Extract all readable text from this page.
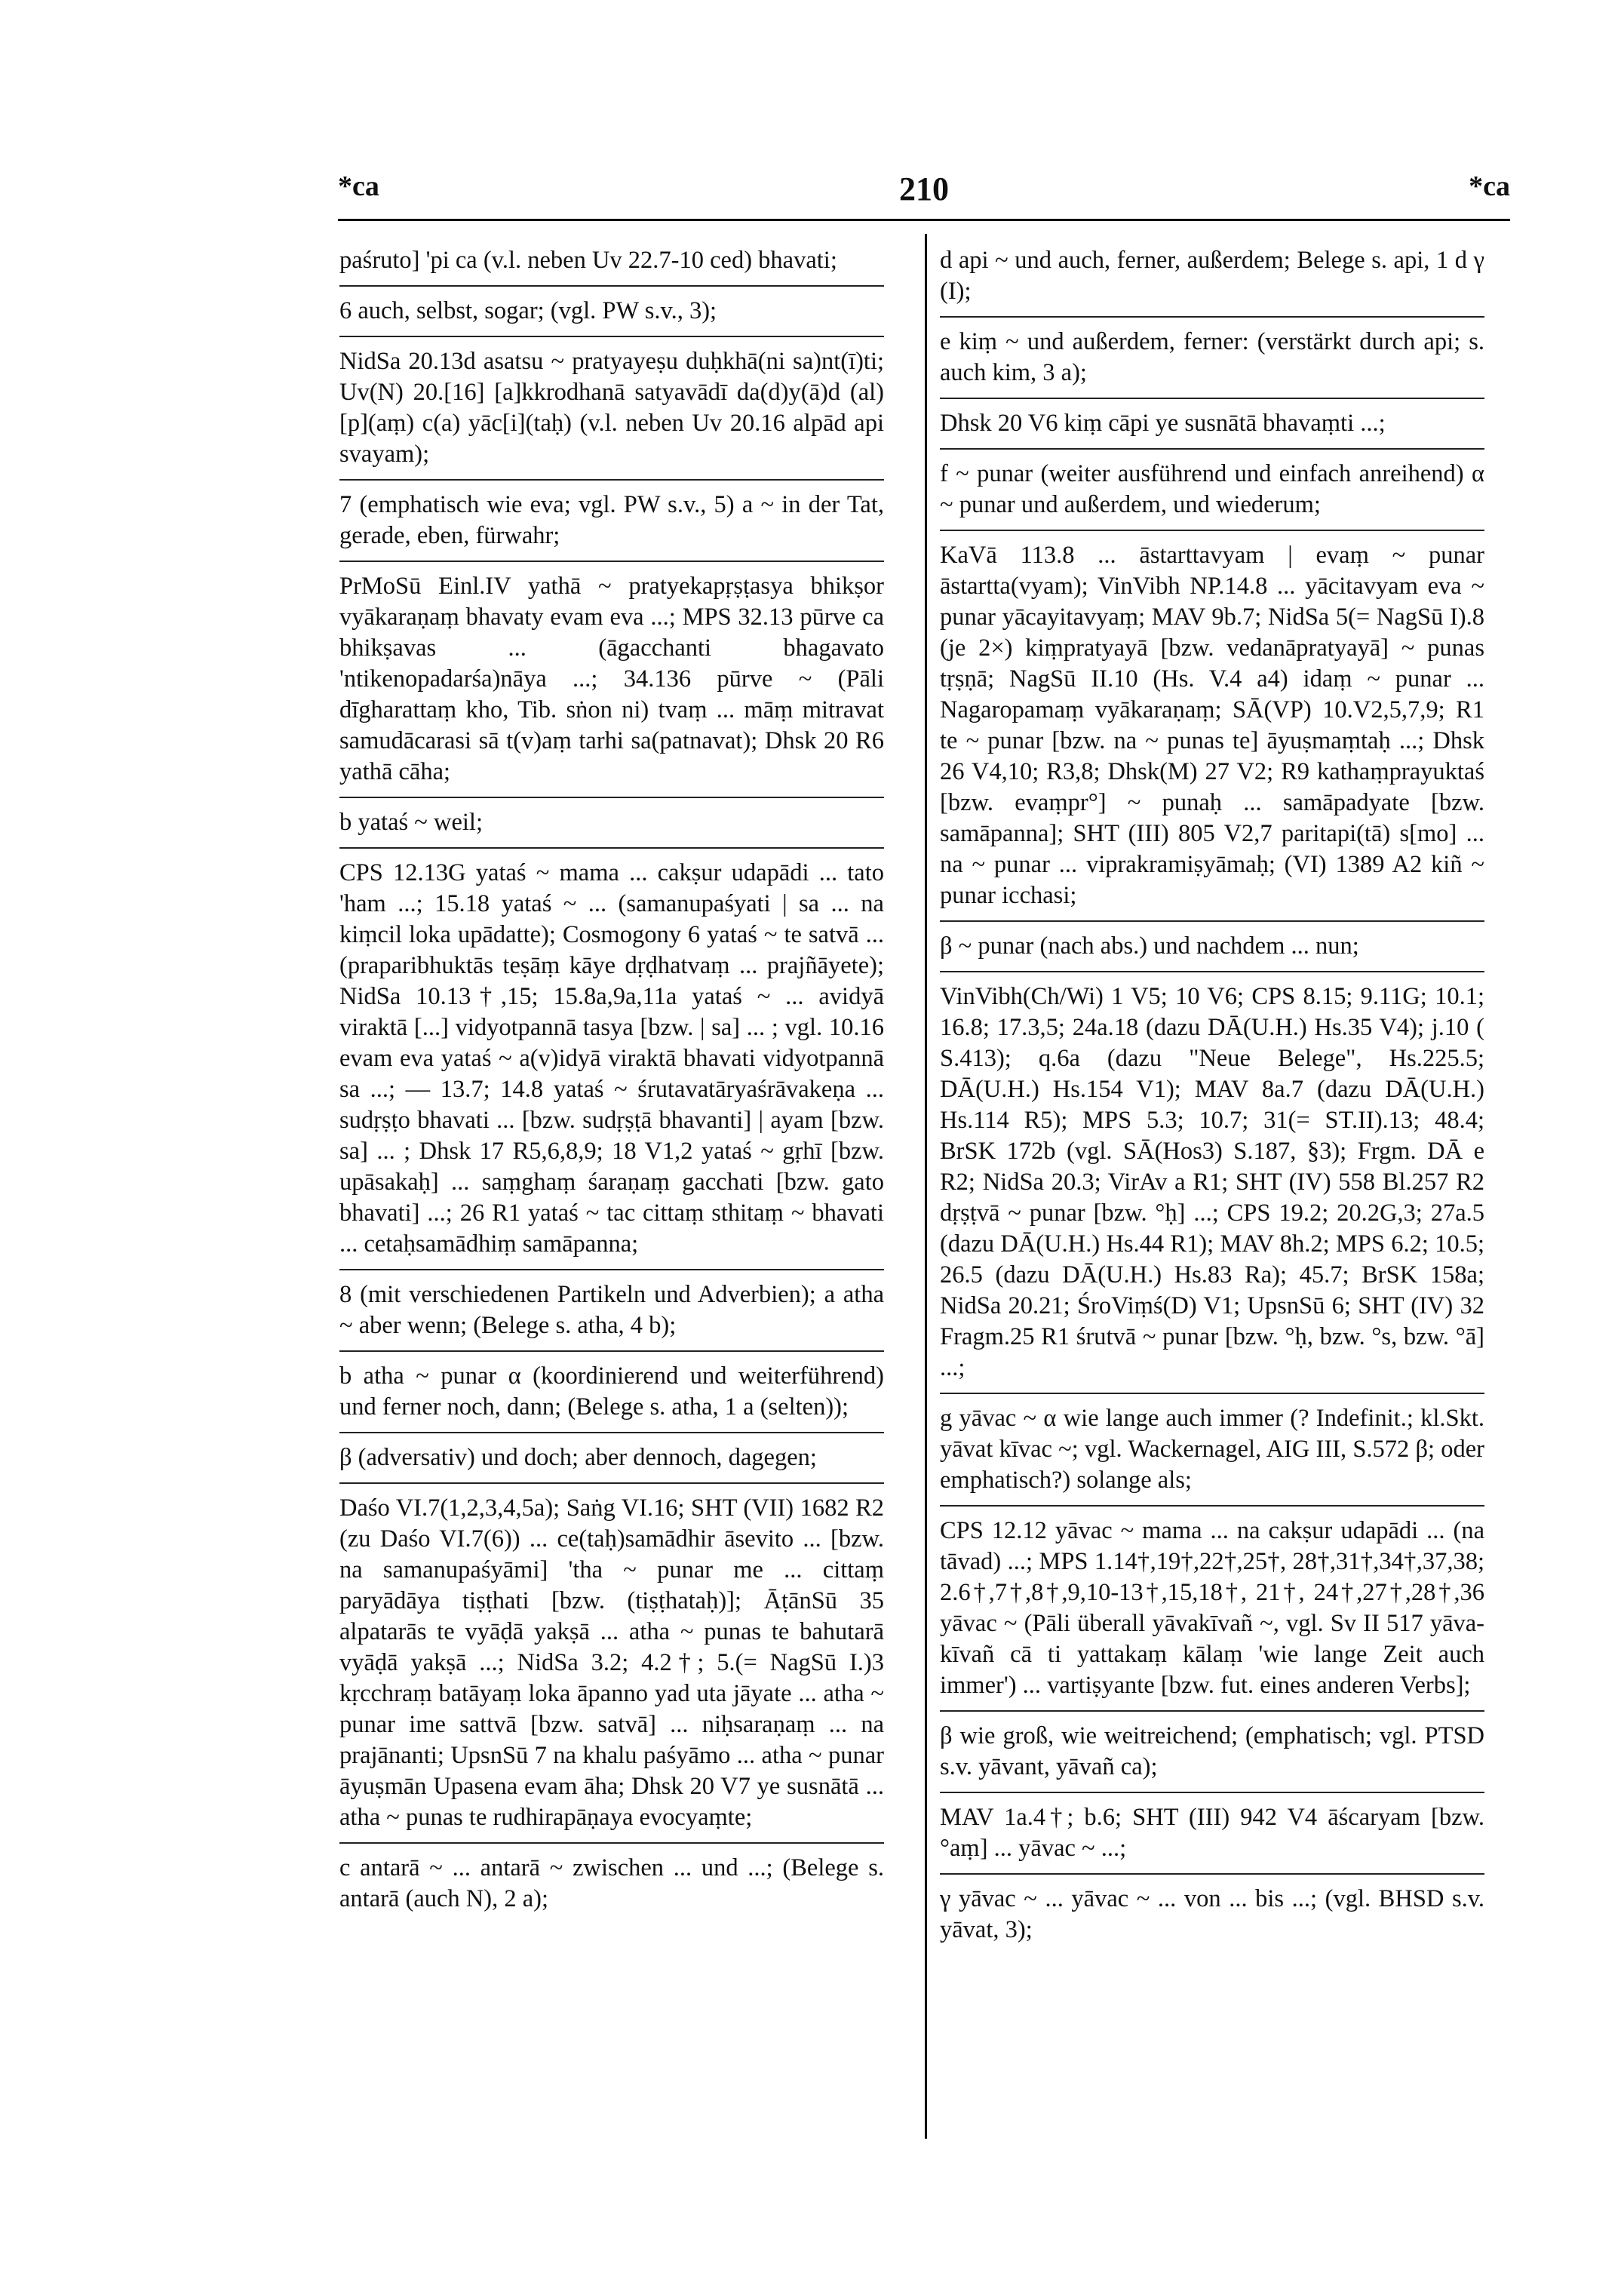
*ca	210	*ca

paśruto] 'pi ca (v.l. neben Uv 22.7-10 ced) bhavati;

6 auch, selbst, sogar; (vgl. PW s.v., 3);

NidSa 20.13d asatsu ~ pratyayeṣu duḥkhā(ni sa)nt(ī)ti; Uv(N) 20.[16] [a]kkrodhanā satyavādī da(d)y(ā)d (al)[p](aṃ) c(a) yāc[i](taḥ) (v.l. neben Uv 20.16 alpād api svayam);

7 (emphatisch wie eva; vgl. PW s.v., 5) a ~ in der Tat, gerade, eben, fürwahr;

PrMoSū Einl.IV yathā ~ pratyekapṛṣṭasya bhikṣor vyākaraṇaṃ bhavaty evam eva ...; MPS 32.13 pūrve ca bhikṣavas ... (āgacchanti bhagavato 'ntikenopadarśa)nāya ...; 34.136 pūrve ~ (Pāli dīgharattaṃ kho, Tib. sṅon ni) tvaṃ ... māṃ mitravat samudācarasi sā t(v)aṃ tarhi sa(patnavat); Dhsk 20 R6 yathā cāha;

b yataś ~ weil;

CPS 12.13G yataś ~ mama ... cakṣur udapādi ... tato 'ham ...; 15.18 yataś ~ ... (samanupaśyati | sa ... na kiṃcil loka upādatte); Cosmogony 6 yataś ~ te satvā ... (praparibhuktās teṣāṃ kāye dṛḍhatvaṃ ... prajñāyete); NidSa 10.13†,15; 15.8a,9a,11a yataś ~ ... avidyā viraktā [...] vidyotpannā tasya [bzw. | sa] ... ; vgl. 10.16 evam eva yataś ~ a(v)idyā viraktā bhavati vidyotpannā sa ...; — 13.7; 14.8 yataś ~ śrutavatāryaśrāvakeṇa ... sudṛṣṭo bhavati ... [bzw. sudṛṣṭā bhavanti] | ayam [bzw. sa] ... ; Dhsk 17 R5,6,8,9; 18 V1,2 yataś ~ gṛhī [bzw. upāsakaḥ] ... saṃghaṃ śaraṇaṃ gacchati [bzw. gato bhavati] ...; 26 R1 yataś ~ tac cittaṃ sthitaṃ ~ bhavati ... cetaḥsamādhiṃ samāpanna;

8 (mit verschiedenen Partikeln und Adverbien); a atha ~ aber wenn; (Belege s. atha, 4 b);

b atha ~ punar α (koordinierend und weiterführend) und ferner noch, dann; (Belege s. atha, 1 a (selten));

β (adversativ) und doch; aber dennoch, dagegen;

Daśo VI.7(1,2,3,4,5a); Saṅg VI.16; SHT (VII) 1682 R2 (zu Daśo VI.7(6)) ... ce(taḥ)samādhir āsevito ... [bzw. na samanupaśyāmi] 'tha ~ punar me ... cittaṃ paryādāya tiṣṭhati [bzw. (tiṣṭhataḥ)]; ĀṭānSū 35 alpatarās te vyāḍā yakṣā ... atha ~ punas te bahutarā vyāḍā yakṣā ...; NidSa 3.2; 4.2†; 5.(= NagSū I.)3 kṛcchraṃ batāyaṃ loka āpanno yad uta jāyate ... atha ~ punar ime sattvā [bzw. satvā] ... niḥsaraṇaṃ ... na prajānanti; UpsnSū 7 na khalu paśyāmo ... atha ~ punar āyuṣmān Upasena evam āha; Dhsk 20 V7 ye susnātā ... atha ~ punas te rudhirapāṇaya evocyaṃte;

c antarā ~ ... antarā ~ zwischen ... und ...; (Belege s. antarā (auch N), 2 a);

d api ~ und auch, ferner, außerdem; Belege s. api, 1 d γ (I);

e kiṃ ~ und außerdem, ferner: (verstärkt durch api; s. auch kim, 3 a);

Dhsk 20 V6 kiṃ cāpi ye susnātā bhavaṃti ...;

f ~ punar (weiter ausführend und einfach anreihend) α ~ punar und außerdem, und wiederum;

KaVā 113.8 ... āstarttavyam | evaṃ ~ punar āstartta(vyam); VinVibh NP.14.8 ... yācitavyam eva ~ punar yācayitavyaṃ; MAV 9b.7; NidSa 5(= NagSū I).8 (je 2×) kiṃpratyayā [bzw. vedanāpratyayā] ~ punas tṛṣṇā; NagSū II.10 (Hs. V.4 a4) idaṃ ~ punar ... Nagaropamaṃ vyākaraṇaṃ; SĀ(VP) 10.V2,5,7,9; R1 te ~ punar [bzw. na ~ punas te] āyuṣmaṃtaḥ ...; Dhsk 26 V4,10; R3,8; Dhsk(M) 27 V2; R9 kathaṃprayuktaś [bzw. evaṃpr°] ~ punaḥ ... samāpadyate [bzw. samāpanna]; SHT (III) 805 V2,7 paritapi(tā) s[mo] ... na ~ punar ... viprakramiṣyāmaḥ; (VI) 1389 A2 kiñ ~ punar icchasi;

β ~ punar (nach abs.) und nachdem ... nun;

VinVibh(Ch/Wi) 1 V5; 10 V6; CPS 8.15; 9.11G; 10.1; 16.8; 17.3,5; 24a.18 (dazu DĀ(U.H.) Hs.35 V4); j.10 ( S.413); q.6a (dazu "Neue Belege", Hs.225.5; DĀ(U.H.) Hs.154 V1); MAV 8a.7 (dazu DĀ(U.H.) Hs.114 R5); MPS 5.3; 10.7; 31(= ST.II).13; 48.4; BrSK 172b (vgl. SĀ(Hos3) S.187, §3); Frgm. DĀ e R2; NidSa 20.3; VirAv a R1; SHT (IV) 558 Bl.257 R2 dṛṣṭvā ~ punar [bzw. °ḥ] ...; CPS 19.2; 20.2G,3; 27a.5 (dazu DĀ(U.H.) Hs.44 R1); MAV 8h.2; MPS 6.2; 10.5; 26.5 (dazu DĀ(U.H.) Hs.83 Ra); 45.7; BrSK 158a; NidSa 20.21; ŚroViṃś(D) V1; UpsnSū 6; SHT (IV) 32 Fragm.25 R1 śrutvā ~ punar [bzw. °ḥ, bzw. °s, bzw. °ā] ...;

g yāvac ~ α wie lange auch immer (? Indefinit.; kl.Skt. yāvat kīvac ~; vgl. Wackernagel, AIG III, S.572 β; oder emphatisch?) solange als;

CPS 12.12 yāvac ~ mama ... na cakṣur udapādi ... (na tāvad) ...; MPS 1.14†,19†,22†,25†, 28†,31†,34†,37,38; 2.6†,7†,8†,9,10-13†,15,18†, 21†, 24†,27†,28†,36 yāvac ~ (Pāli überall yāvakīvañ ~, vgl. Sv II 517 yāva-kīvañ cā ti yattakaṃ kālaṃ 'wie lange Zeit auch immer') ... vartiṣyante [bzw. fut. eines anderen Verbs];

β wie groß, wie weitreichend; (emphatisch; vgl. PTSD s.v. yāvant, yāvañ ca);

MAV 1a.4†; b.6; SHT (III) 942 V4 āścaryam [bzw. °aṃ] ... yāvac ~ ...;

γ yāvac ~ ... yāvac ~ ... von ... bis ...; (vgl. BHSD s.v. yāvat, 3);
